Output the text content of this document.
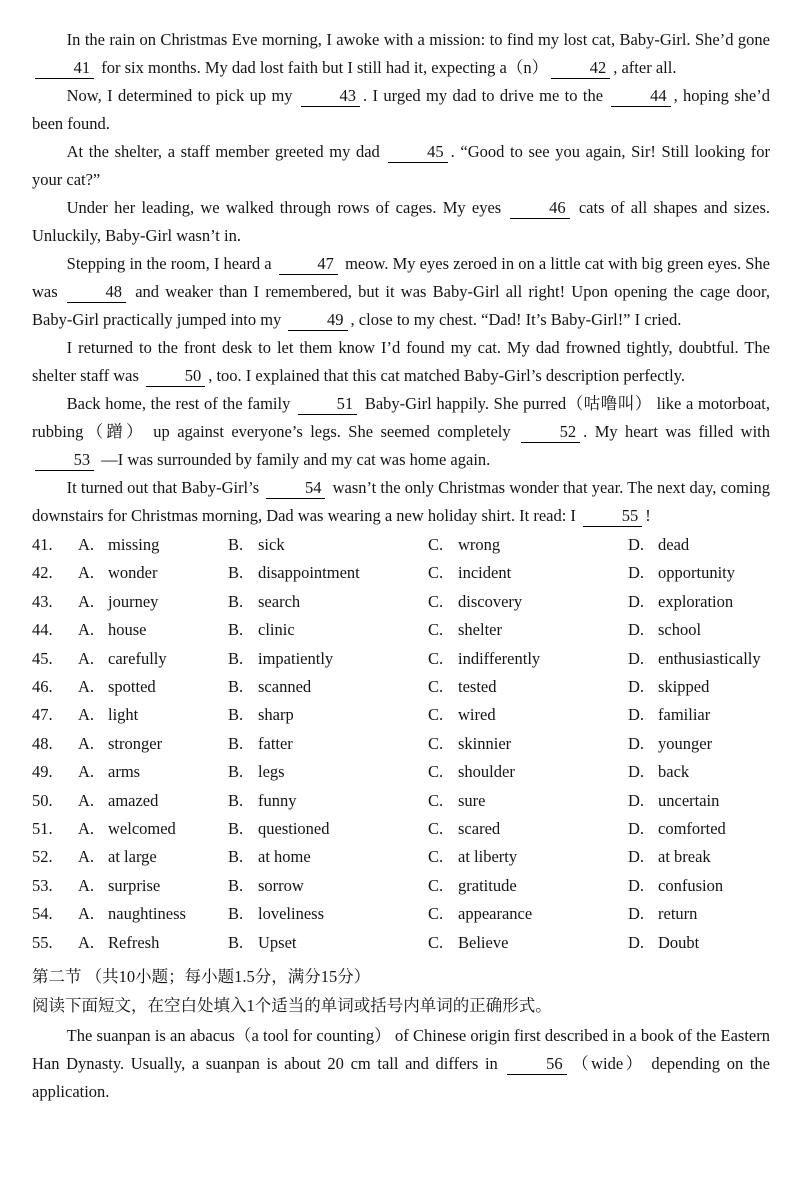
In the rain on Christmas Eve morning, I awoke with a mission: to find my lost cat, Baby-Girl. She’d gone 41 for six months. My dad lost faith but I still had it, expecting a（n）	42 , after all.

Now, I determined to pick up my	43 . I urged my dad to drive me to the	44 , hoping she’d been found.

At the shelter, a staff member greeted my dad	45 . “Good to see you again, Sir! Still looking for your cat?”

Under her leading, we walked through rows of cages. My eyes	46 cats of all shapes and sizes. Unluckily, Baby-Girl wasn’t in.

Stepping in the room, I heard a	47 meow. My eyes zeroed in on a little cat with big green eyes. She was	48 and weaker than I remembered, but it was Baby-Girl all right! Upon opening the cage door, Baby-Girl practically jumped into my	49 , close to my chest. “Dad! It’s Baby-Girl!” I cried.

I returned to the front desk to let them know I’d found my cat. My dad frowned tightly, doubtful. The shelter staff was	50 , too. I explained that this cat matched Baby-Girl’s description perfectly.

Back home, the rest of the family	51 Baby-Girl happily. She purred（咕噜叫） like a motorboat, rubbing（蹭） up against everyone’s legs. She seemed completely	52 . My heart was filled with 53 —I was surrounded by family and my cat was home again.

It turned out that Baby-Girl’s	54 wasn’t the only Christmas wonder that year. The next day, coming downstairs for Christmas morning, Dad was wearing a new holiday shirt. It read: I	55 !

41. A. missing	B. sick	C. wrong	D. dead
42. A. wonder	B. disappointment	C. incident	D. opportunity
43. A. journey	B. search	C. discovery	D. exploration
44. A. house	B. clinic	C. shelter	D. school
45. A. carefully	B. impatiently	C. indifferently	D. enthusiastically
46. A. spotted	B. scanned	C. tested	D. skipped
47. A. light	B. sharp	C. wired	D. familiar
48. A. stronger	B. fatter	C. skinnier	D. younger
49. A. arms	B. legs	C. shoulder	D. back
50. A. amazed	B. funny	C. sure	D. uncertain
51. A. welcomed	B. questioned	C. scared	D. comforted
52. A. at large	B. at home	C. at liberty	D. at break
53. A. surprise	B. sorrow	C. gratitude	D. confusion
54. A. naughtiness	B. loveliness	C. appearance	D. return
55. A. Refresh	B. Upset	C. Believe	D. Doubt

第二节 （共10小题；每小题1.5分，满分15分）

阅读下面短文，在空白处填入1个适当的单词或括号内单词的正确形式。

The suanpan is an abacus（a tool for counting） of Chinese origin first described in a book of the Eastern Han Dynasty. Usually, a suanpan is about 20 cm tall and differs in	56 （wide） depending on the application.
